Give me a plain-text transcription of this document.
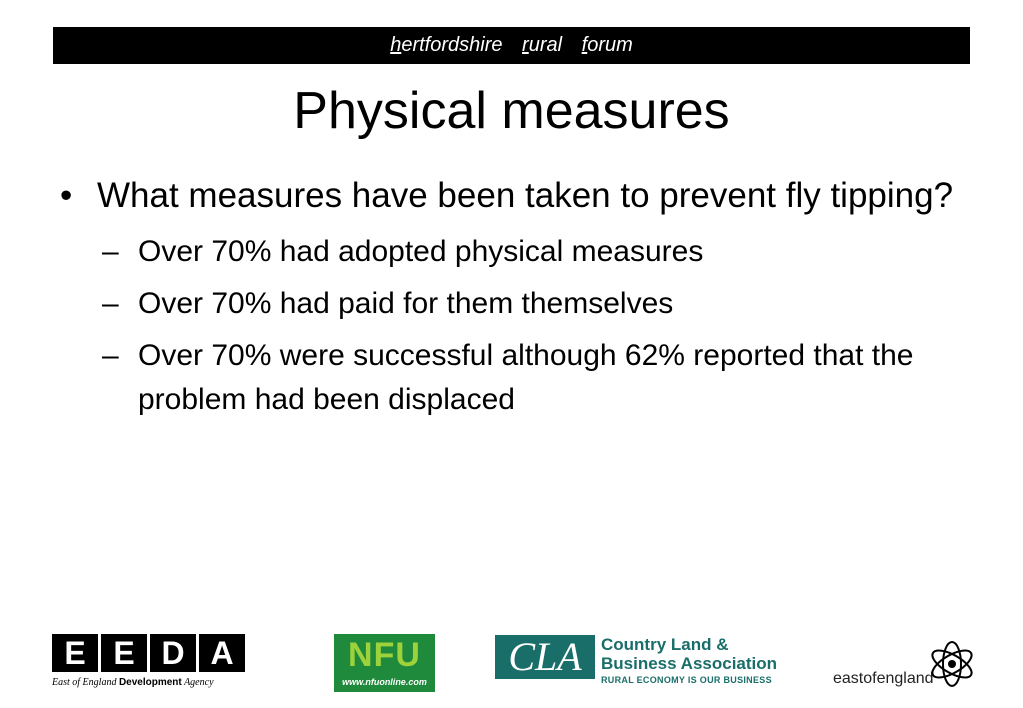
hertfordshire rural forum
Physical measures
• What measures have been taken to prevent fly tipping?
– Over 70% had adopted physical measures
– Over 70% had paid for them themselves
– Over 70% were successful although 62% reported that the problem had been displaced
E E D A
East of England Development Agency
NFU
www.nfuonline.com
CLA	Country Land &
Business Association
RURAL ECONOMY IS OUR BUSINESS	eastofengland
